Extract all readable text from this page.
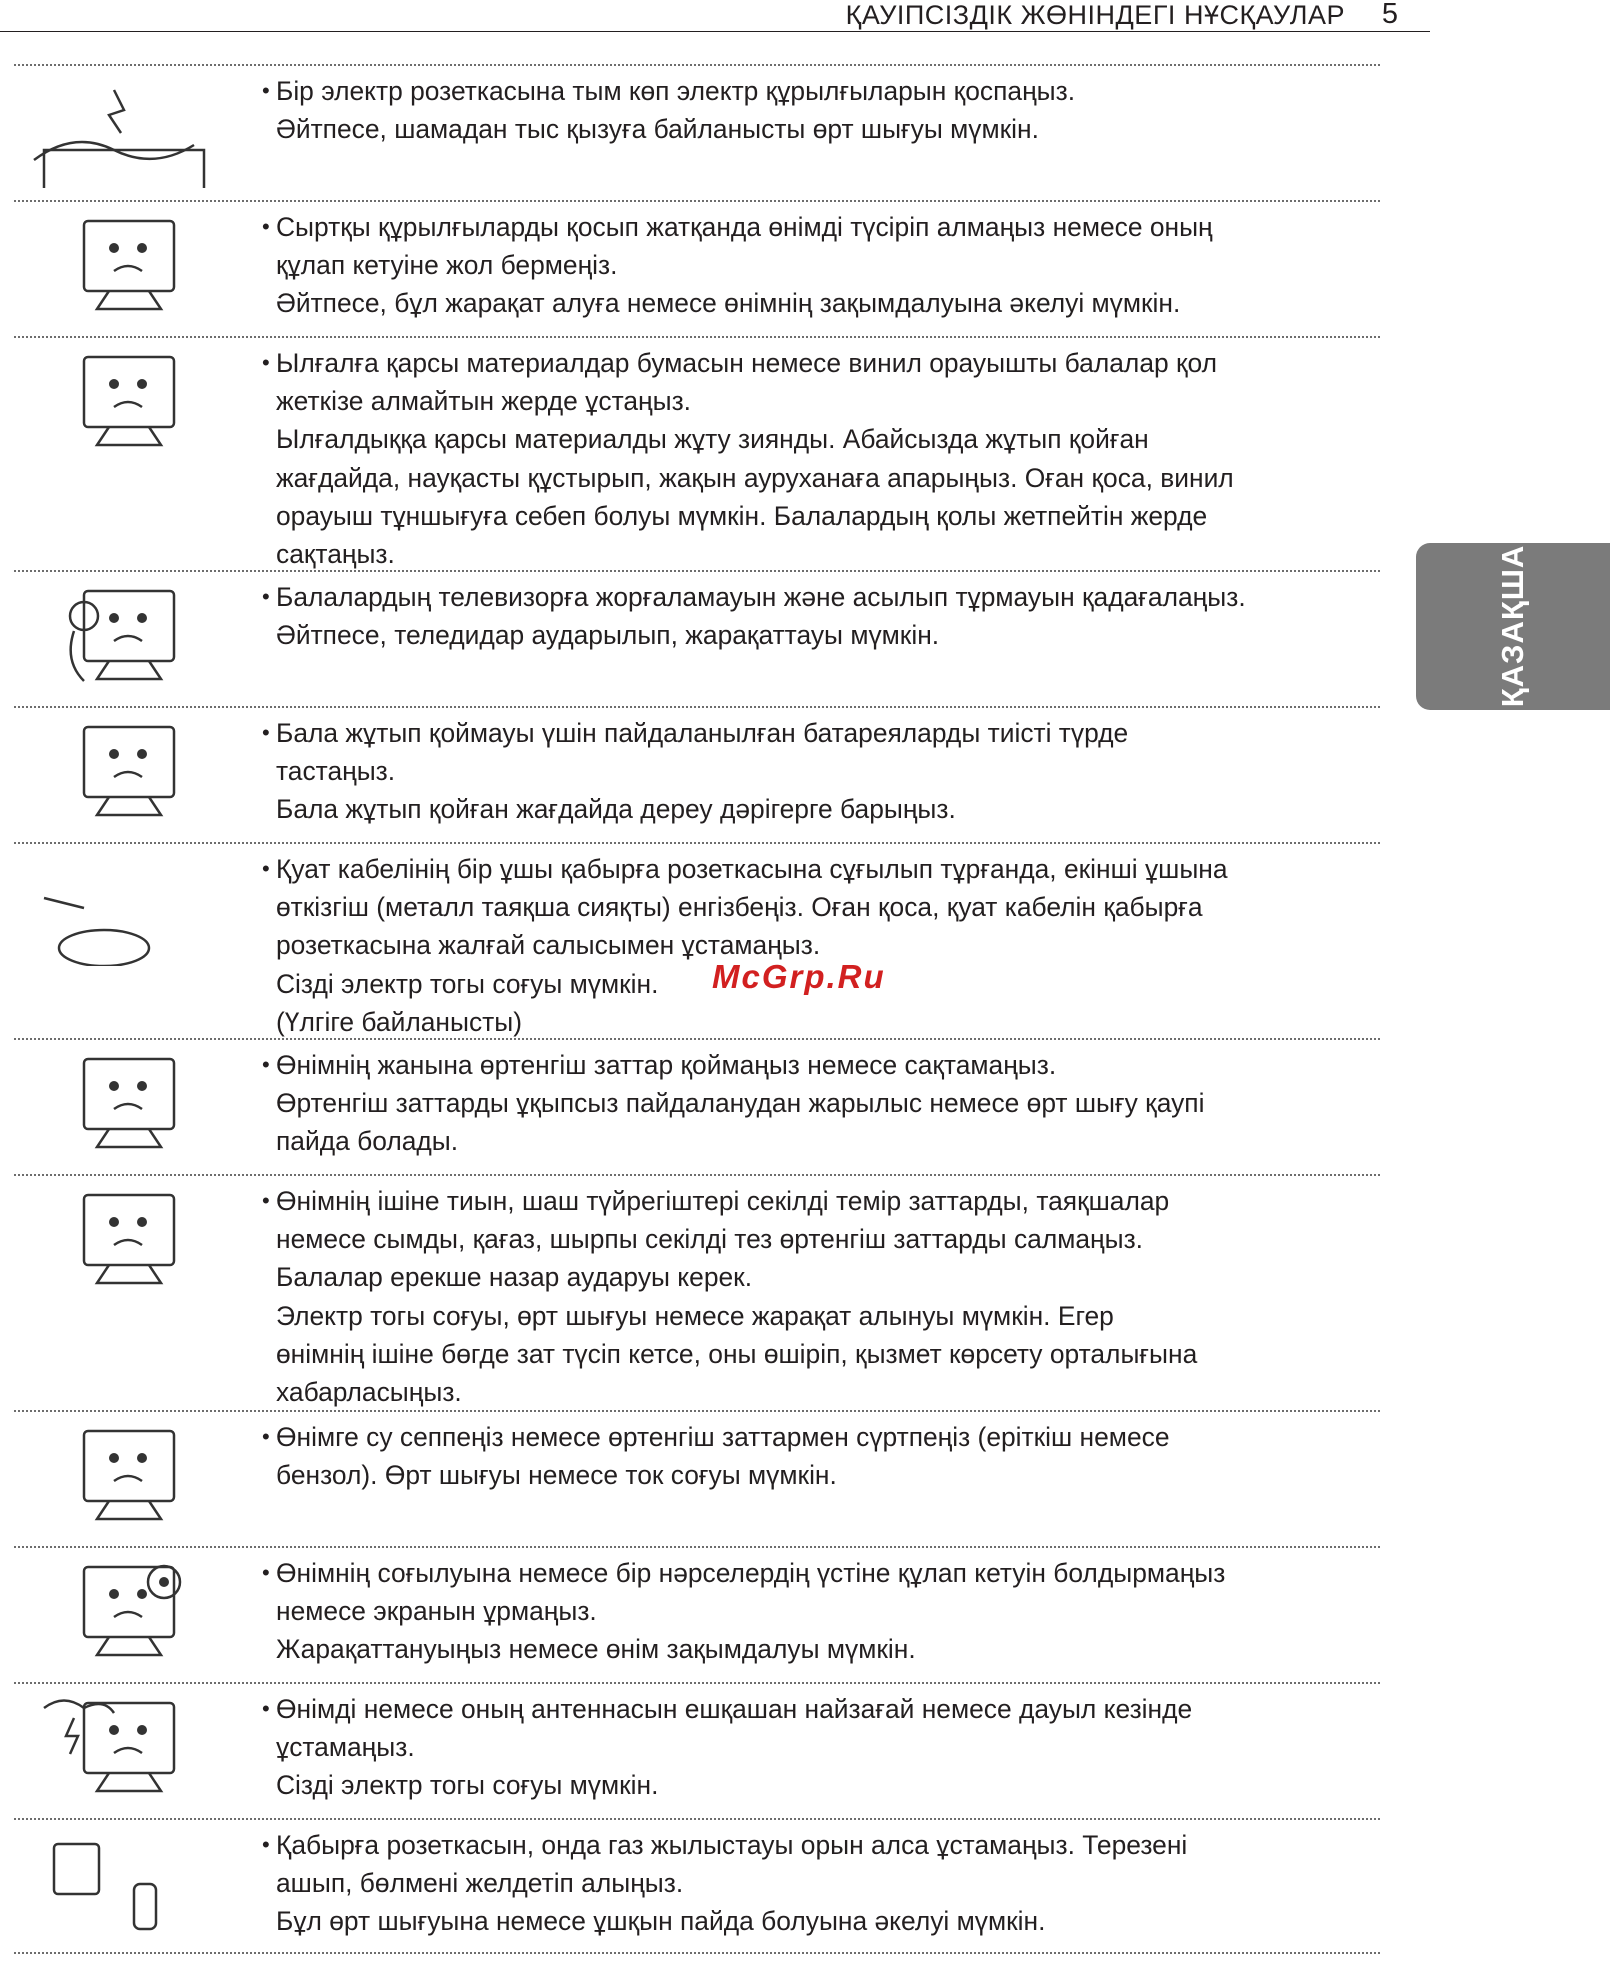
ҚАУІПСІЗДІК ЖӨНІНДЕГІ НҰСҚАУЛАР 5
ҚАЗАҚША
• Бір электр розеткасына тым көп электр құрылғыларын қоспаңыз.
Әйтпесе, шамадан тыс қызуға байланысты өрт шығуы мүмкін.
• Сыртқы құрылғыларды қосып жатқанда өнімді түсіріп алмаңыз немесе оның
құлап кетуіне жол бермеңіз.
Әйтпесе, бұл жарақат алуға немесе өнімнің зақымдалуына әкелуі мүмкін.
• Ылғалға қарсы материалдар бумасын немесе винил орауышты балалар қол
жеткізе алмайтын жерде ұстаңыз.
Ылғалдыққа қарсы материалды жұту зиянды. Абайсызда жұтып қойған
жағдайда, науқасты құстырып, жақын ауруханаға апарыңыз. Оған қоса, винил
орауыш тұншығуға себеп болуы мүмкін. Балалардың қолы жетпейтін жерде
сақтаңыз.
• Балалардың телевизорға жорғаламауын және асылып тұрмауын қадағалаңыз.
Әйтпесе, теледидар аударылып, жарақаттауы мүмкін.
• Бала жұтып қоймауы үшін пайдаланылған батареяларды тиісті түрде
тастаңыз.
Бала жұтып қойған жағдайда дереу дәрігерге барыңыз.
• Қуат кабелінің бір ұшы қабырға розеткасына сұғылып тұрғанда, екінші ұшына
өткізгіш (металл таяқша сияқты) енгізбеңіз. Оған қоса, қуат кабелін қабырға
розеткасына жалғай салысымен ұстамаңыз.
Сізді электр тогы соғуы мүмкін.
(Үлгіге байланысты)
• Өнімнің жанына өртенгіш заттар қоймаңыз немесе сақтамаңыз.
Өртенгіш заттарды ұқыпсыз пайдаланудан жарылыс немесе өрт шығу қаупі
пайда болады.
• Өнімнің ішіне тиын, шаш түйрегіштері секілді темір заттарды, таяқшалар
немесе сымды, қағаз, шырпы секілді тез өртенгіш заттарды салмаңыз.
Балалар ерекше назар аударуы керек.
Электр тогы соғуы, өрт шығуы немесе жарақат алынуы мүмкін. Егер
өнімнің ішіне бөгде зат түсіп кетсе, оны өшіріп, қызмет көрсету орталығына
хабарласыңыз.
• Өнімге су сеппеңіз немесе өртенгіш заттармен сүртпеңіз (еріткіш немесе
бензол). Өрт шығуы немесе ток соғуы мүмкін.
• Өнімнің соғылуына немесе бір нәрселердің үстіне құлап кетуін болдырмаңыз
немесе экранын ұрмаңыз.
Жарақаттануыңыз немесе өнім зақымдалуы мүмкін.
• Өнімді немесе оның антеннасын ешқашан найзағай немесе дауыл кезінде
ұстамаңыз.
Сізді электр тогы соғуы мүмкін.
• Қабырға розеткасын, онда газ жылыстауы орын алса ұстамаңыз. Терезені
ашып, бөлмені желдетіп алыңыз.
Бұл өрт шығуына немесе ұшқын пайда болуына әкелуі мүмкін.
McGrp.Ru
